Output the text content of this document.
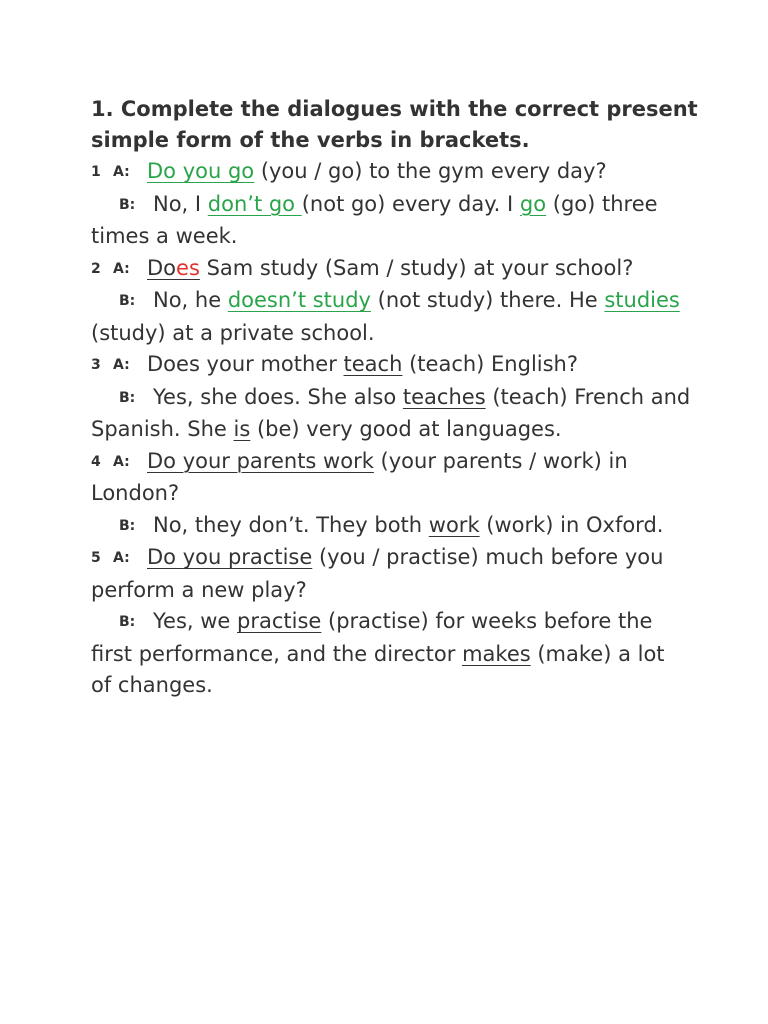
1. Complete the dialogues with the correct present
simple form of the verbs in brackets.
1 A: Do you go (you / go) to the gym every day?
B: No, I don’t go (not go) every day. I go (go) three
times a week.
2 A: Does Sam study (Sam / study) at your school?
B: No, he doesn’t study (not study) there. He studies
(study) at a private school.
3 A: Does your mother teach (teach) English?
B: Yes, she does. She also teaches (teach) French and
Spanish. She is (be) very good at languages.
4 A: Do your parents work (your parents / work) in
London?
B: No, they don’t. They both work (work) in Oxford.
5 A: Do you practise (you / practise) much before you
perform a new play?
B: Yes, we practise (practise) for weeks before the
first performance, and the director makes (make) a lot
of changes.
